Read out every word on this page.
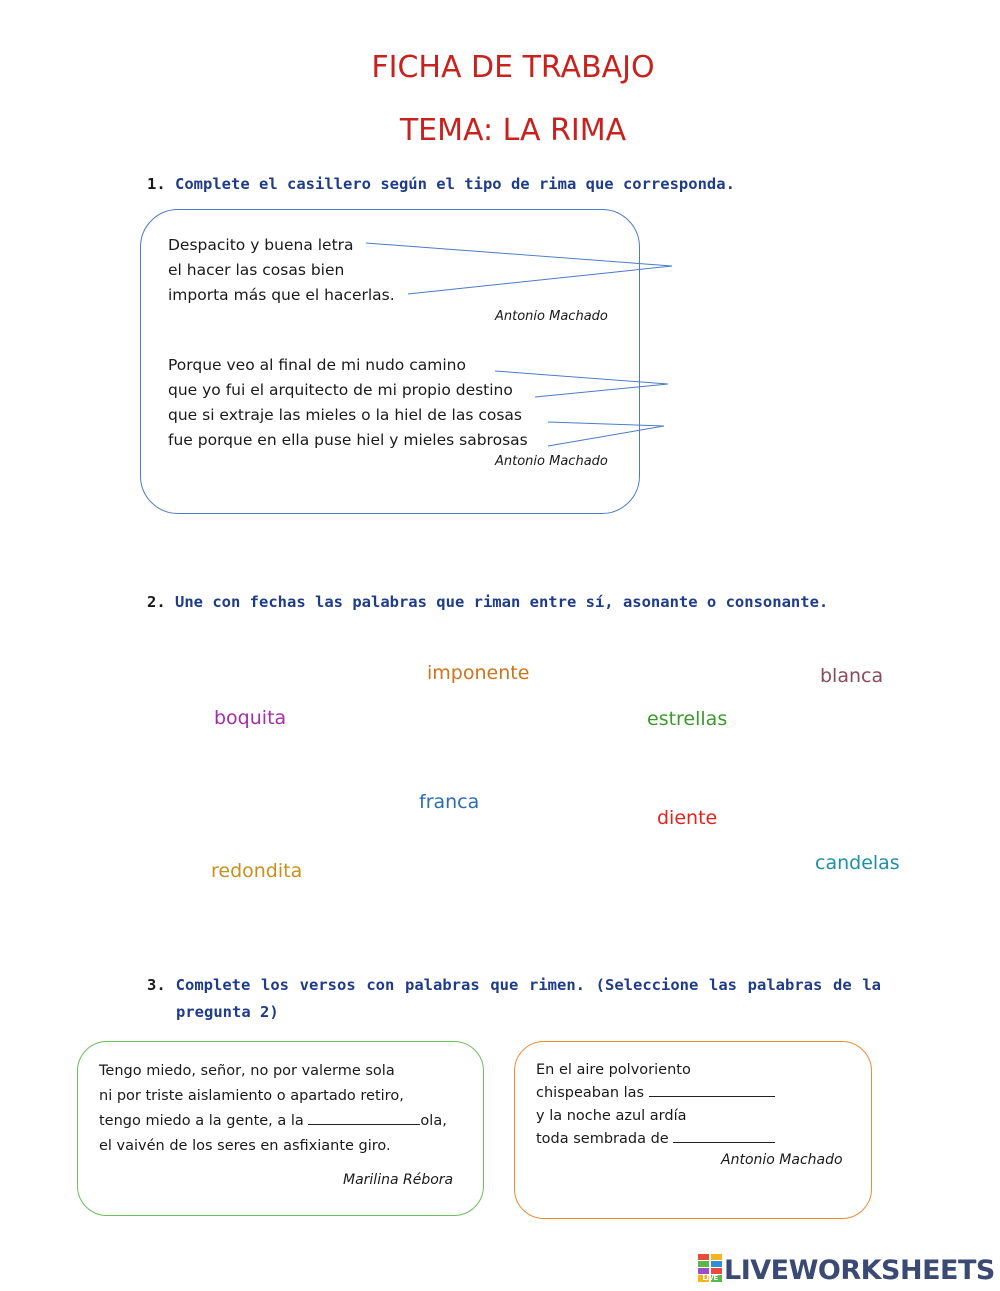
FICHA DE TRABAJO
TEMA: LA RIMA
1. Complete el casillero según el tipo de rima que corresponda.
Despacito y buena letra
el hacer las cosas bien
importa más que el hacerlas.
Antonio Machado
Porque veo al final de mi nudo camino
que yo fui el arquitecto de mi propio destino
que si extraje las mieles o la hiel de las cosas
fue porque en ella puse hiel y mieles sabrosas
Antonio Machado
2. Une con fechas las palabras que riman entre sí, asonante o consonante.
imponente	blanca
boquita	estrellas
franca
diente
redondita	candelas
3. Complete los versos con palabras que rimen. (Seleccione las palabras de la
pregunta 2)
Tengo miedo, señor, no por valerme sola
ni por triste aislamiento o apartado retiro,
tengo miedo a la gente, a la	ola,
el vaivén de los seres en asfixiante giro.
Marilina Rébora
En el aire polvoriento
chispeaban las
y la noche azul ardía
toda sembrada de
Antonio Machado
LIVE LIVEWORKSHEETS
